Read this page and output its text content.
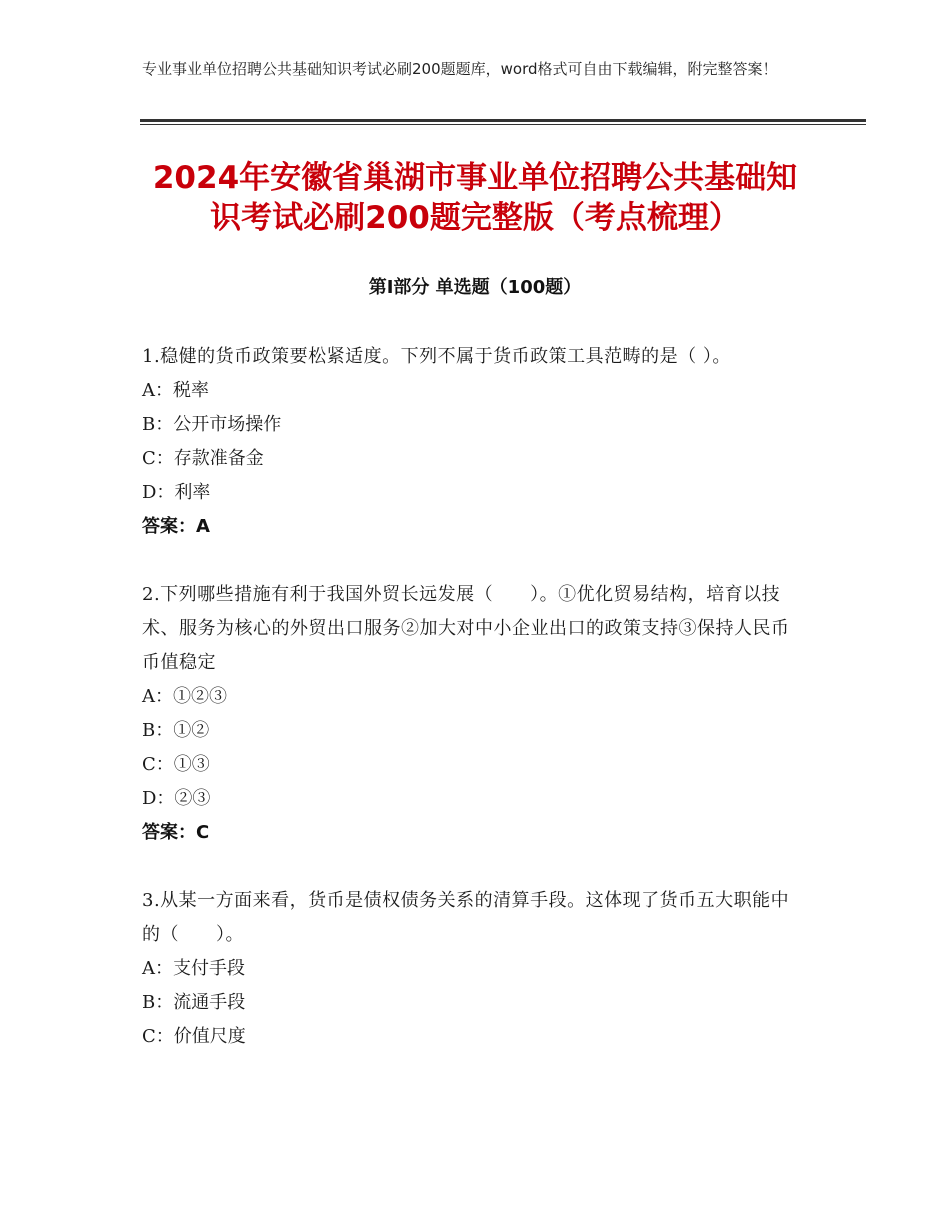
专业事业单位招聘公共基础知识考试必刷200题题库，word格式可自由下载编辑，附完整答案！
2024年安徽省巢湖市事业单位招聘公共基础知识考试必刷200题完整版（考点梳理）
第Ⅰ部分 单选题（100题）
1.稳健的货币政策要松紧适度。下列不属于货币政策工具范畴的是（ ）。
A：税率
B：公开市场操作
C：存款准备金
D：利率
答案：A
2.下列哪些措施有利于我国外贸长远发展（　　）。①优化贸易结构，培育以技术、服务为核心的外贸出口服务②加大对中小企业出口的政策支持③保持人民币币值稳定
A：①②③
B：①②
C：①③
D：②③
答案：C
3.从某一方面来看，货币是债权债务关系的清算手段。这体现了货币五大职能中的（　　）。
A：支付手段
B：流通手段
C：价值尺度
